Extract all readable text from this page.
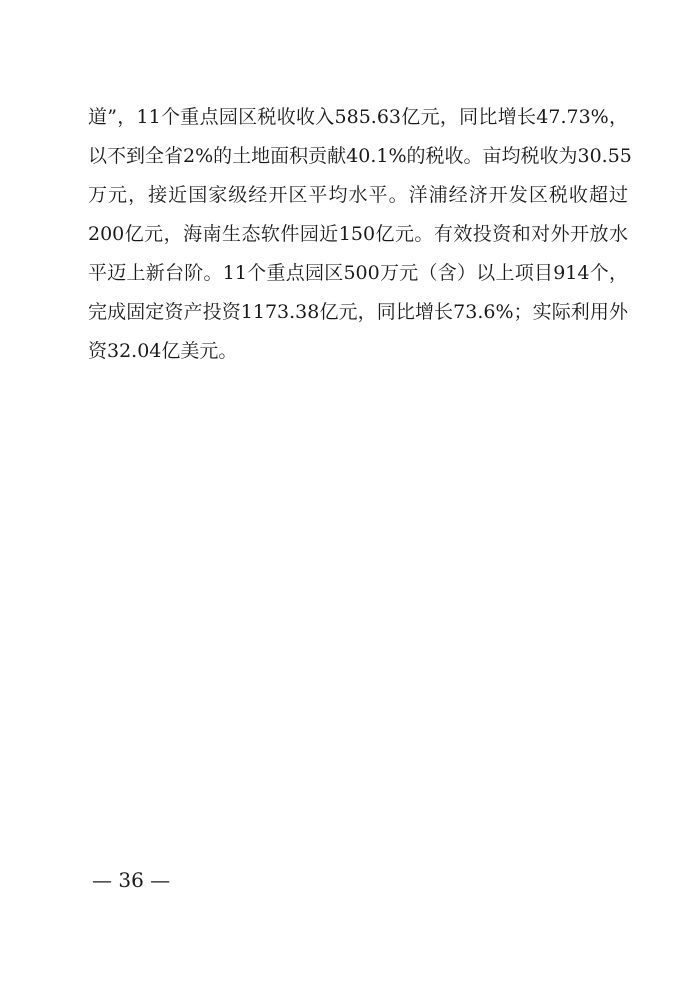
道”，11个重点园区税收收入585.63亿元，同比增长47.73%，
以不到全省2%的土地面积贡献40.1%的税收。亩均税收为30.55
万元，接近国家级经开区平均水平。洋浦经济开发区税收超过
200亿元，海南生态软件园近150亿元。有效投资和对外开放水
平迈上新台阶。11个重点园区500万元（含）以上项目914个，
完成固定资产投资1173.38亿元，同比增长73.6%；实际利用外
资32.04亿美元。
— 36 —
